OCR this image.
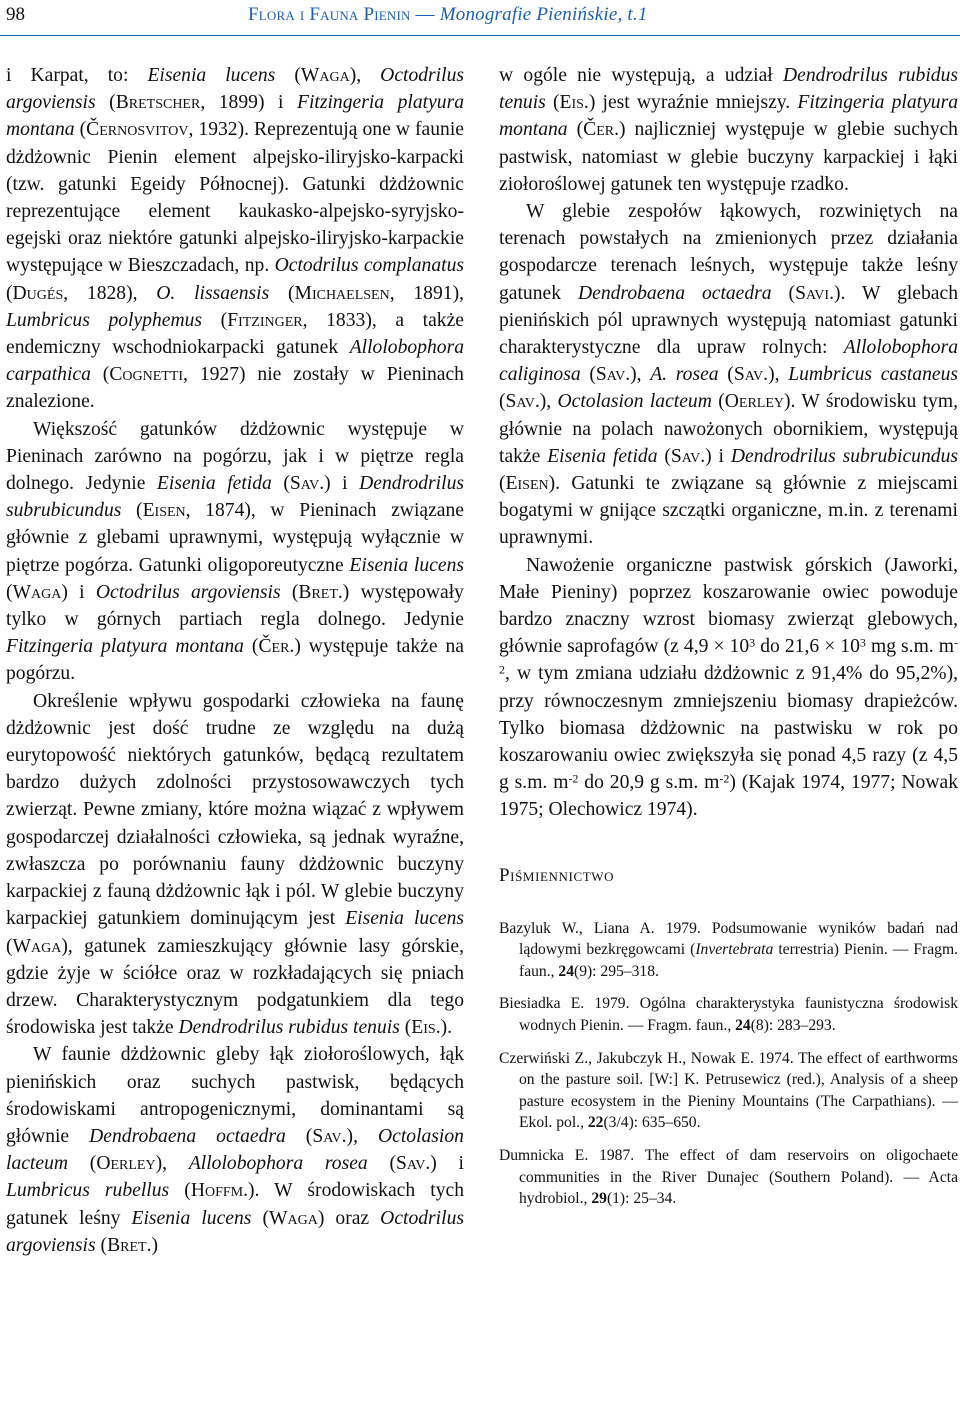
98	Flora i Fauna Pienin — Monografie Pienińskie, t.1

i Karpat, to: Eisenia lucens (Waga), Octodrilus argoviensis (Bretscher, 1899) i Fitzingeria platyura montana (Černosvitov, 1932). Reprezentują one w faunie dżdżownic Pienin element alpejsko-iliryjsko-karpacki (tzw. gatunki Egeidy Północnej). Gatunki dżdżownic reprezentujące element kaukasko-alpejsko-syryjsko-egejski oraz niektóre gatunki alpejsko-iliryjsko-karpackie występujące w Bieszczadach, np. Octodrilus complanatus (Dugés, 1828), O. lissaensis (Michaelsen, 1891), Lumbricus polyphemus (Fitzinger, 1833), a także endemiczny wschodniokarpacki gatunek Allolobophora carpathica (Cognetti, 1927) nie zostały w Pieninach znalezione.

Większość gatunków dżdżownic występuje w Pieninach zarówno na pogórzu, jak i w piętrze regla dolnego. Jedynie Eisenia fetida (Sav.) i Dendrodrilus subrubicundus (Eisen, 1874), w Pieninach związane głównie z glebami uprawnymi, występują wyłącznie w piętrze pogórza. Gatunki oligoporeutyczne Eisenia lucens (Waga) i Octodrilus argoviensis (Bret.) występowały tylko w górnych partiach regla dolnego. Jedynie Fitzingeria platyura montana (Čer.) występuje także na pogórzu.

Określenie wpływu gospodarki człowieka na faunę dżdżownic jest dość trudne ze względu na dużą eurytopowość niektórych gatunków, będącą rezultatem bardzo dużych zdolności przystosowawczych tych zwierząt. Pewne zmiany, które można wiązać z wpływem gospodarczej działalności człowieka, są jednak wyraźne, zwłaszcza po porównaniu fauny dżdżownic buczyny karpackiej z fauną dżdżownic łąk i pól. W glebie buczyny karpackiej gatunkiem dominującym jest Eisenia lucens (Waga), gatunek zamieszkujący głównie lasy górskie, gdzie żyje w ściółce oraz w rozkładających się pniach drzew. Charakterystycznym podgatunkiem dla tego środowiska jest także Dendrodrilus rubidus tenuis (Eis.).

W faunie dżdżownic gleby łąk ziołoroślowych, łąk pienińskich oraz suchych pastwisk, będących środowiskami antropogenicznymi, dominantami są głównie Dendrobaena octaedra (Sav.), Octolasion lacteum (Oerley), Allolobophora rosea (Sav.) i Lumbricus rubellus (Hoffm.). W środowiskach tych gatunek leśny Eisenia lucens (Waga) oraz Octodrilus argoviensis (Bret.)

w ogóle nie występują, a udział Dendrodrilus rubidus tenuis (Eis.) jest wyraźnie mniejszy. Fitzingeria platyura montana (Čer.) najliczniej występuje w glebie suchych pastwisk, natomiast w glebie buczyny karpackiej i łąki ziołoroślowej gatunek ten występuje rzadko.

W glebie zespołów łąkowych, rozwiniętych na terenach powstałych na zmienionych przez działania gospodarcze terenach leśnych, występuje także leśny gatunek Dendrobaena octaedra (Savi.). W glebach pienińskich pól uprawnych występują natomiast gatunki charakterystyczne dla upraw rolnych: Allolobophora caliginosa (Sav.), A. rosea (Sav.), Lumbricus castaneus (Sav.), Octolasion lacteum (Oerley). W środowisku tym, głównie na polach nawożonych obornikiem, występują także Eisenia fetida (Sav.) i Dendrodrilus subrubicundus (Eisen). Gatunki te związane są głównie z miejscami bogatymi w gnijące szczątki organiczne, m.in. z terenami uprawnymi.

Nawożenie organiczne pastwisk górskich (Jaworki, Małe Pieniny) poprzez koszarowanie owiec powoduje bardzo znaczny wzrost biomasy zwierząt glebowych, głównie saprofagów (z $4,9 \times 10^3$ do $21,6 \times 10^3$ mg s.m. $m^{-2}$, w tym zmiana udziału dżdżownic z 91,4% do 95,2%), przy równoczesnym zmniejszeniu biomasy drapieżców. Tylko biomasa dżdżownic na pastwisku w rok po koszarowaniu owiec zwiększyła się ponad 4,5 razy (z 4,5 g s.m. $m^{-2}$ do 20,9 g s.m. $m^{-2}$) (Kajak 1974, 1977; Nowak 1975; Olechowicz 1974).

Piśmiennictwo
Bazyluk W., Liana A. 1979. Podsumowanie wyników badań nad lądowymi bezkręgowcami (Invertebrata terrestria) Pienin. — Fragm. faun., 24(9): 295–318.
Biesiadka E. 1979. Ogólna charakterystyka faunistyczna środowisk wodnych Pienin. — Fragm. faun., 24(8): 283–293.
Czerwiński Z., Jakubczyk H., Nowak E. 1974. The effect of earthworms on the pasture soil. [W:] K. Petrusewicz (red.), Analysis of a sheep pasture ecosystem in the Pieniny Mountains (The Carpathians). — Ekol. pol., 22(3/4): 635–650.
Dumnicka E. 1987. The effect of dam reservoirs on oligochaete communities in the River Dunajec (Southern Poland). — Acta hydrobiol., 29(1): 25–34.
